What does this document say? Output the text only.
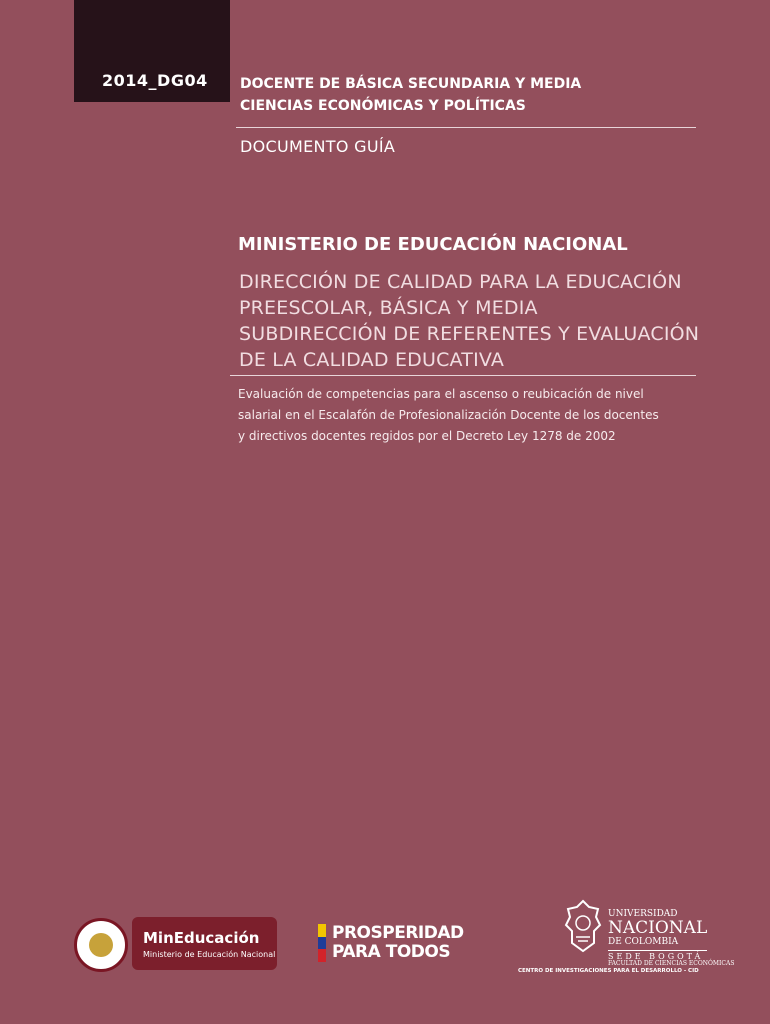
2014_DG04 DOCENTE DE BÁSICA SECUNDARIA Y MEDIA
CIENCIAS ECONÓMICAS Y POLÍTICAS
DOCUMENTO GUÍA
MINISTERIO DE EDUCACIÓN NACIONAL
DIRECCIÓN DE CALIDAD PARA LA EDUCACIÓN
PREESCOLAR, BÁSICA Y MEDIA
SUBDIRECCIÓN DE REFERENTES Y EVALUACIÓN
DE LA CALIDAD EDUCATIVA
Evaluación de competencias para el ascenso o reubicación de nivel
salarial en el Escalafón de Profesionalización Docente de los docentes
y directivos docentes regidos por el Decreto Ley 1278 de 2002
MinEducación
Ministerio de Educación Nacional
PROSPERIDAD
PARA TODOS
UNIVERSIDAD
NACIONAL
DE COLOMBIA
SEDE BOGOTÁ
FACULTAD DE CIENCIAS ECONÓMICAS
CENTRO DE INVESTIGACIONES PARA EL DESARROLLO - CID
